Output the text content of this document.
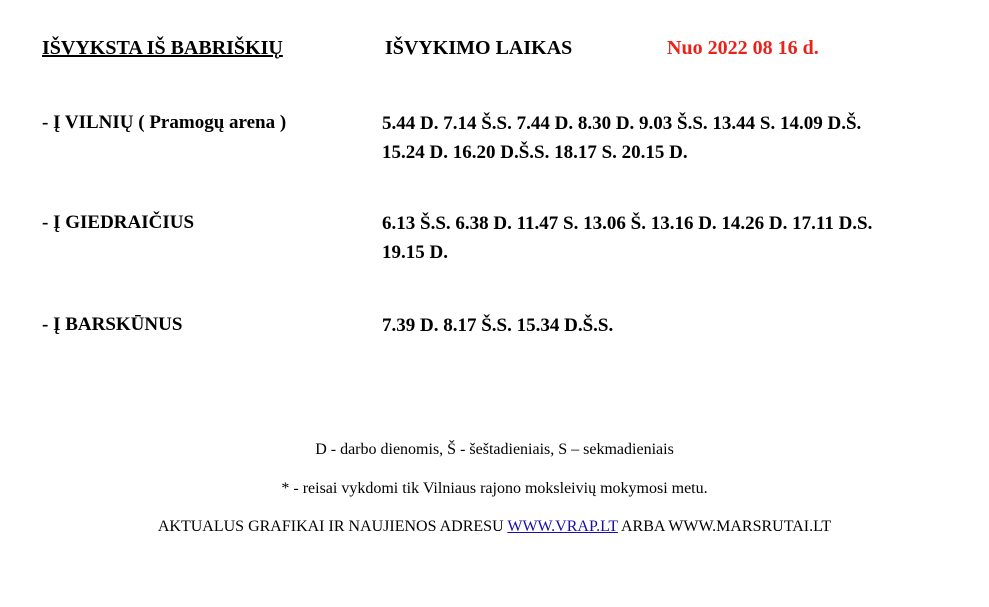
IŠVYKSTA IŠ BABRIŠKIŲ	IŠVYKIMO LAIKAS	Nuo 2022 08 16 d.
- Į VILNIŲ ( Pramogų arena )	5.44 D. 7.14 Š.S. 7.44 D. 8.30 D. 9.03 Š.S. 13.44 S. 14.09 D.Š.
15.24 D. 16.20 D.Š.S. 18.17 S. 20.15 D.
- Į GIEDRAIČIUS	6.13 Š.S. 6.38 D. 11.47 S. 13.06 Š. 13.16 D. 14.26 D. 17.11 D.S.
19.15 D.
- Į BARSKŪNUS	7.39 D. 8.17 Š.S. 15.34 D.Š.S.
D - darbo dienomis, Š - šeštadieniais, S – sekmadieniais
* - reisai vykdomi tik Vilniaus rajono moksleivių mokymosi metu.
AKTUALUS GRAFIKAI IR NAUJIENOS ADRESU WWW.VRAP.LT ARBA WWW.MARSRUTAI.LT
